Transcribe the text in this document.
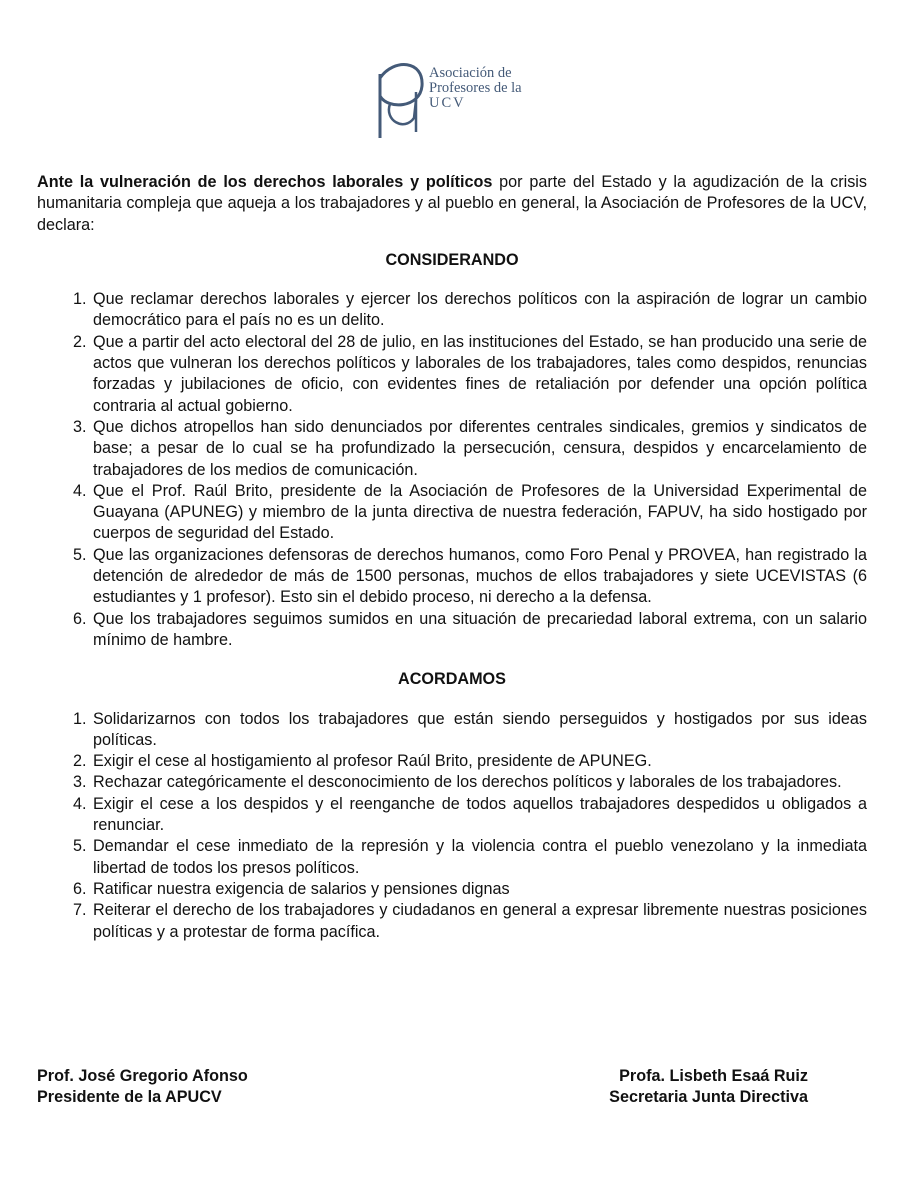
Asociación de
Profesores de la
UCV

Ante la vulneración de los derechos laborales y políticos por parte del Estado y la agudización de la crisis humanitaria compleja que aqueja a los trabajadores y al pueblo en general, la Asociación de Profesores de la UCV, declara:

CONSIDERANDO
1. Que reclamar derechos laborales y ejercer los derechos políticos con la aspiración de lograr un cambio democrático para el país no es un delito.
2. Que a partir del acto electoral del 28 de julio, en las instituciones del Estado, se han producido una serie de actos que vulneran los derechos políticos y laborales de los trabajadores, tales como despidos, renuncias forzadas y jubilaciones de oficio, con evidentes fines de retaliación por defender una opción política contraria al actual gobierno.
3. Que dichos atropellos han sido denunciados por diferentes centrales sindicales, gremios y sindicatos de base; a pesar de lo cual se ha profundizado la persecución, censura, despidos y encarcelamiento de trabajadores de los medios de comunicación.
4. Que el Prof. Raúl Brito, presidente de la Asociación de Profesores de la Universidad Experimental de Guayana (APUNEG) y miembro de la junta directiva de nuestra federación, FAPUV, ha sido hostigado por cuerpos de seguridad del Estado.
5. Que las organizaciones defensoras de derechos humanos, como Foro Penal y PROVEA, han registrado la detención de alrededor de más de 1500 personas, muchos de ellos trabajadores y siete UCEVISTAS (6 estudiantes y 1 profesor). Esto sin el debido proceso, ni derecho a la defensa.
6. Que los trabajadores seguimos sumidos en una situación de precariedad laboral extrema, con un salario mínimo de hambre.
ACORDAMOS
1. Solidarizarnos con todos los trabajadores que están siendo perseguidos y hostigados por sus ideas políticas.
2. Exigir el cese al hostigamiento al profesor Raúl Brito, presidente de APUNEG.
3. Rechazar categóricamente el desconocimiento de los derechos políticos y laborales de los trabajadores.
4. Exigir el cese a los despidos y el reenganche de todos aquellos trabajadores despedidos u obligados a renunciar.
5. Demandar el cese inmediato de la represión y la violencia contra el pueblo venezolano y la inmediata libertad de todos los presos políticos.
6. Ratificar nuestra exigencia de salarios y pensiones dignas
7. Reiterar el derecho de los trabajadores y ciudadanos en general a expresar libremente nuestras posiciones políticas y a protestar de forma pacífica.
Prof. José Gregorio Afonso
Presidente de la APUCV
Profa. Lisbeth Esaá Ruiz
Secretaria Junta Directiva
